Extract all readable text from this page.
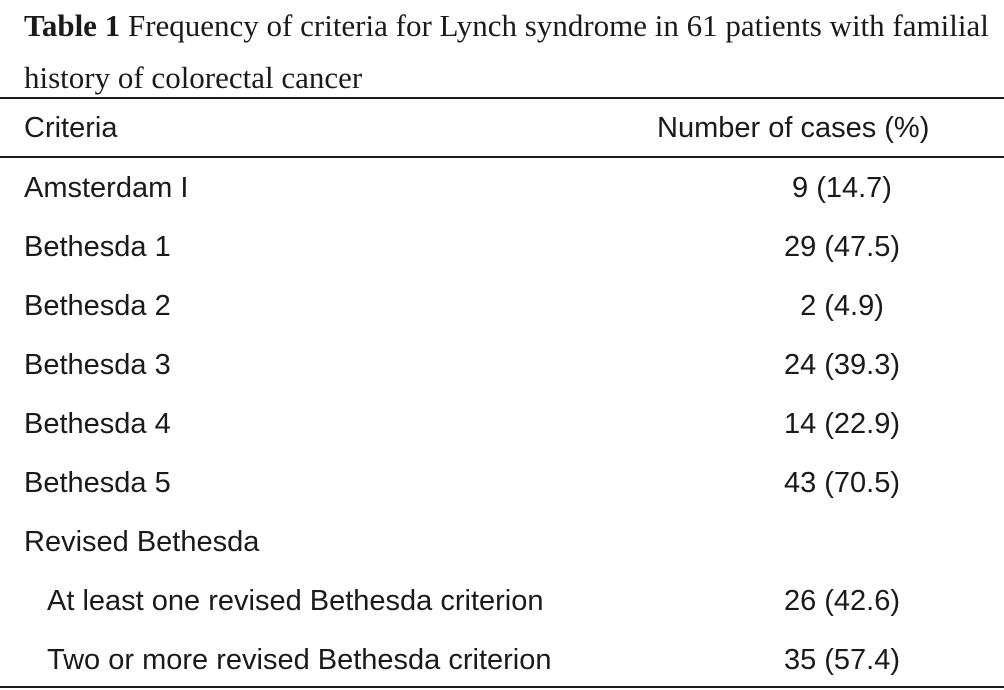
Table 1 Frequency of criteria for Lynch syndrome in 61 patients with familial history of colorectal cancer
Criteria	Number of cases (%)
Amsterdam I	9 (14.7)
Bethesda 1	29 (47.5)
Bethesda 2	2 (4.9)
Bethesda 3	24 (39.3)
Bethesda 4	14 (22.9)
Bethesda 5	43 (70.5)
Revised Bethesda
At least one revised Bethesda criterion	26 (42.6)
Two or more revised Bethesda criterion	35 (57.4)
